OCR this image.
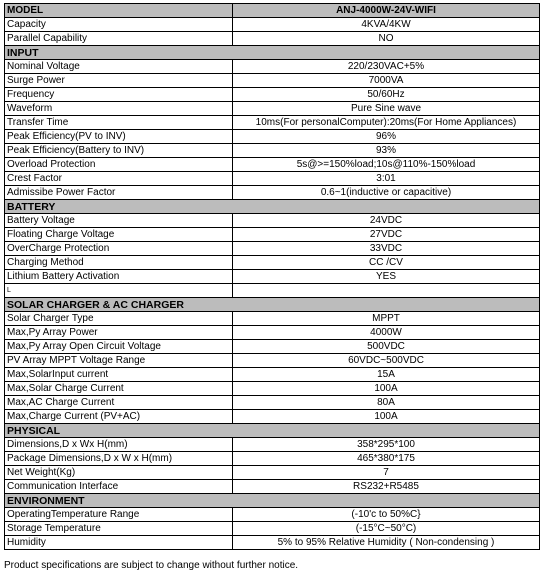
MODEL	ANJ-4000W-24V-WIFI
Capacity	4KVA/4KW
Parallel Capability	NO
INPUT	
Nominal Voltage	220/230VAC+5%
Surge Power	7000VA
Frequency	50/60Hz
Waveform	Pure Sine wave
Transfer Time	10ms(For personalComputer):20ms(For Home Appliances)
Peak Efficiency(PV to INV)	96%
Peak Efficiency(Battery to INV)	93%
Overload Protection	5s@>=150%load;10s@110%-150%load
Crest Factor	3:01
Admissibe Power Factor	0.6~1(inductive or capacitive)
BATTERY	
Battery Voltage	24VDC
Floating Charge Voltage	27VDC
OverCharge Protection	33VDC
Charging Method	CC /CV
Lithium Battery Activation	YES
L	
SOLAR CHARGER & AC CHARGER	
Solar Charger Type	MPPT
Max,Py Array Power	4000W
Max,Py Array Open Circuit Voltage	500VDC
PV Array MPPT Voltage Range	60VDC~500VDC
Max,SolarInput current	15A
Max,Solar Charge Current	100A
Max,AC Charge Current	80A
Max,Charge Current (PV+AC)	100A
PHYSICAL	
Dimensions,D x Wx H(mm)	358*295*100
Package Dimensions,D x W x H(mm)	465*380*175
Net Weight(Kg)	7
Communication Interface	RS232+R5485
ENVIRONMENT	
OperatingTemperature Range	(-10'c to 50%C}
Storage Temperature	(-15°C~50°C)
Humidity	5% to 95% Relative Humidity ( Non-condensing )
Product specifications are subject to change without further notice.
